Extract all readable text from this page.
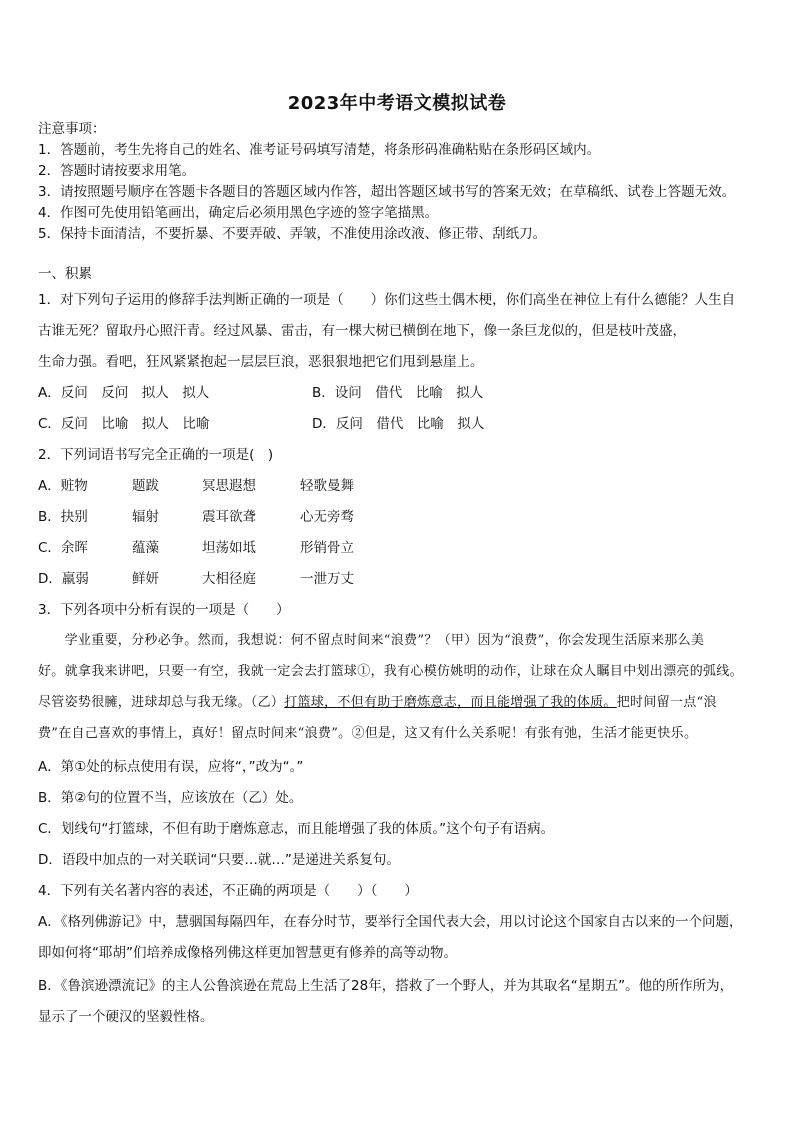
2023年中考语文模拟试卷
注意事项：
1．答题前，考生先将自己的姓名、准考证号码填写清楚，将条形码准确粘贴在条形码区域内。
2．答题时请按要求用笔。
3．请按照题号顺序在答题卡各题目的答题区域内作答，超出答题区域书写的答案无效；在草稿纸、试卷上答题无效。
4．作图可先使用铅笔画出，确定后必须用黑色字迹的签字笔描黑。
5．保持卡面清洁，不要折暴、不要弄破、弄皱，不准使用涂改液、修正带、刮纸刀。
一、积累
1．对下列句子运用的修辞手法判断正确的一项是（　　）你们这些土偶木梗，你们高坐在神位上有什么德能？人生自
古谁无死？留取丹心照汗青。经过风暴、雷击，有一棵大树已横倒在地下，像一条巨龙似的，但是枝叶茂盛，
生命力强。看吧，狂风紧紧抱起一层层巨浪，恶狠狠地把它们甩到悬崖上。
A．反问　反问　拟人　拟人	B．设问　借代　比喻　拟人
C．反问　比喻　拟人　比喻	D．反问　借代　比喻　拟人
2．下列词语书写完全正确的一项是(　)
A．赃物	题跋	冥思遐想	轻歌曼舞
B．抉别	辐射	震耳欲聋	心无旁骛
C．余晖	蕴藻	坦荡如坻	形销骨立
D．羸弱	鲜妍	大相径庭	一泄万丈
3．下列各项中分析有误的一项是（　　）
　　学业重要，分秒必争。然而，我想说：何不留点时间来“浪费”？（甲）因为“浪费”，你会发现生活原来那么美
好。就拿我来讲吧，只要一有空，我就一定会去打篮球①，我有心模仿姚明的动作，让球在众人瞩目中划出漂亮的弧线。
尽管姿势很臃，进球却总与我无缘。（乙）打篮球，不但有助于磨炼意志，而且能增强了我的体质。把时间留一点“浪
费”在自己喜欢的事情上，真好！留点时间来“浪费”。②但是，这又有什么关系呢！有张有弛，生活才能更快乐。
A．第①处的标点使用有误，应将“，”改为“。”
B．第②句的位置不当，应该放在（乙）处。
C．划线句“打篮球，不但有助于磨炼意志，而且能增强了我的体质。”这个句子有语病。
D．语段中加点的一对关联词“只要…就…”是递进关系复句。
4．下列有关名著内容的表述，不正确的两项是（　　）（　　）
A．《格列佛游记》中，慧骃国每隔四年，在春分时节，要举行全国代表大会，用以讨论这个国家自古以来的一个问题，
即如何将“耶胡”们培养成像格列佛这样更加智慧更有修养的高等动物。
B．《鲁滨逊漂流记》的主人公鲁滨逊在荒岛上生活了28年，搭救了一个野人，并为其取名“星期五”。他的所作所为，
显示了一个硬汉的坚毅性格。
